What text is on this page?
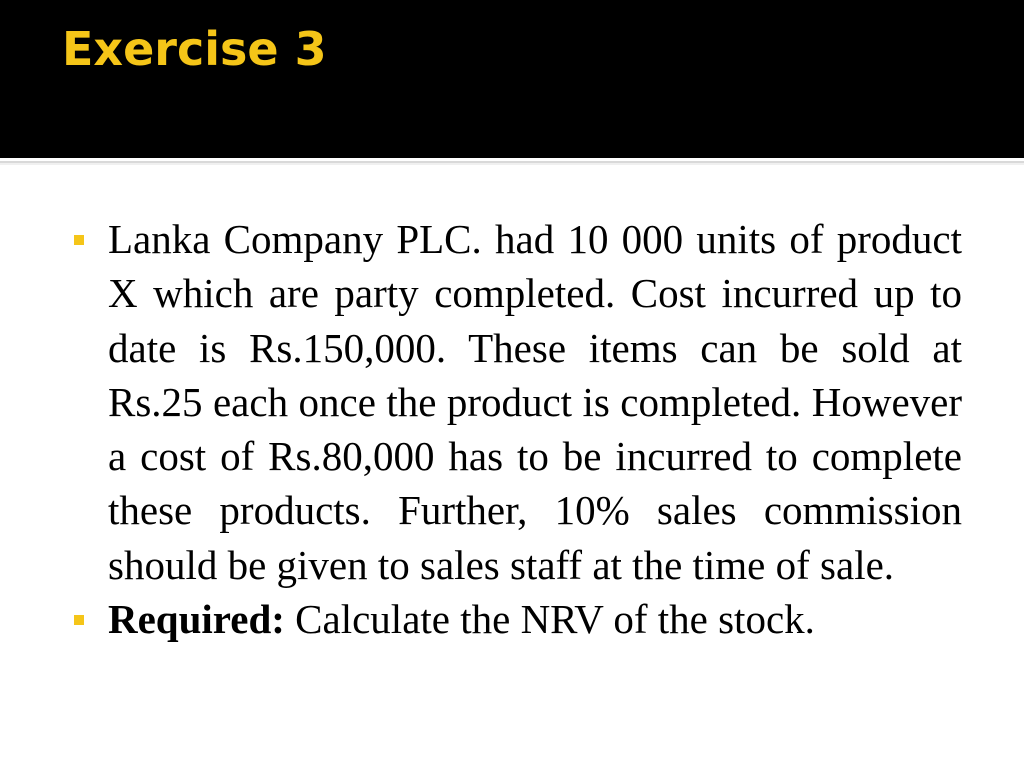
Exercise 3
Lanka Company PLC. had 10 000 units of product X which are party completed. Cost incurred up to date is Rs.150,000. These items can be sold at Rs.25 each once the product is completed. However a cost of Rs.80,000 has to be incurred to complete these products. Further, 10% sales commission should be given to sales staff at the time of sale.
Required: Calculate the NRV of the stock.
